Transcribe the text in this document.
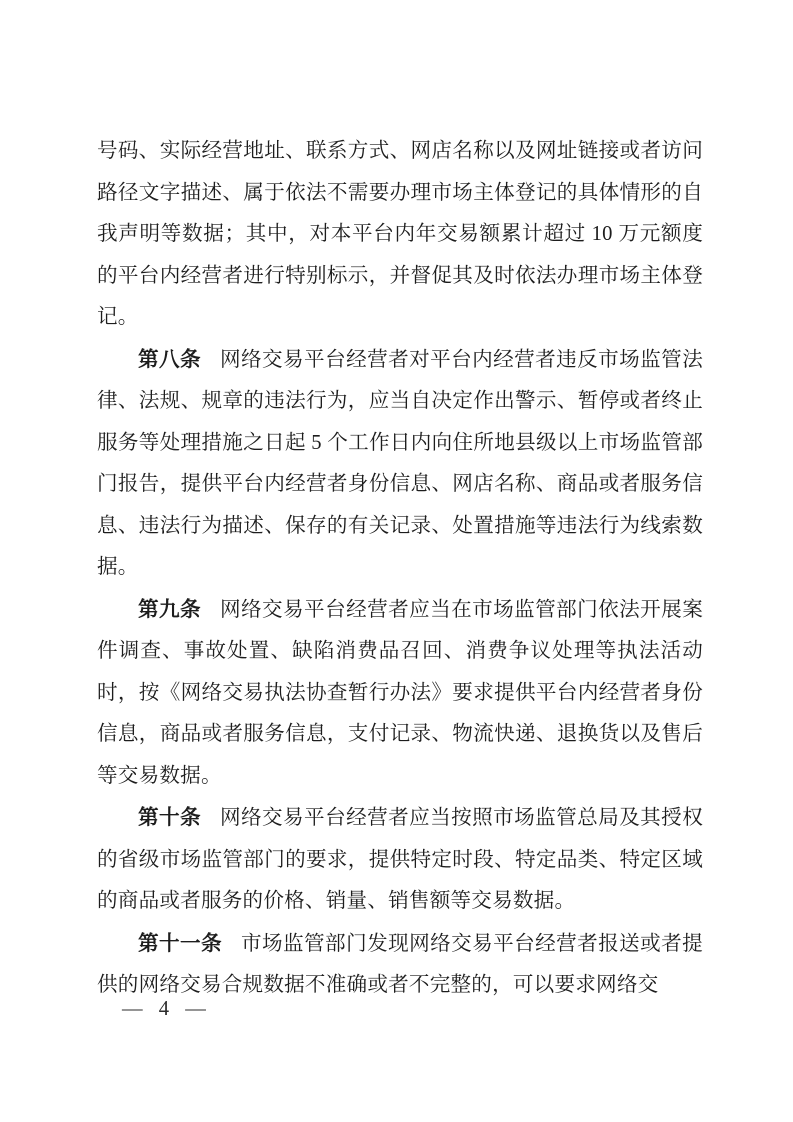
号码、实际经营地址、联系方式、网店名称以及网址链接或者访问路径文字描述、属于依法不需要办理市场主体登记的具体情形的自我声明等数据；其中，对本平台内年交易额累计超过 10 万元额度的平台内经营者进行特别标示，并督促其及时依法办理市场主体登记。

第八条 网络交易平台经营者对平台内经营者违反市场监管法律、法规、规章的违法行为，应当自决定作出警示、暂停或者终止服务等处理措施之日起 5 个工作日内向住所地县级以上市场监管部门报告，提供平台内经营者身份信息、网店名称、商品或者服务信息、违法行为描述、保存的有关记录、处置措施等违法行为线索数据。

第九条 网络交易平台经营者应当在市场监管部门依法开展案件调查、事故处置、缺陷消费品召回、消费争议处理等执法活动时，按《网络交易执法协查暂行办法》要求提供平台内经营者身份信息，商品或者服务信息，支付记录、物流快递、退换货以及售后等交易数据。

第十条 网络交易平台经营者应当按照市场监管总局及其授权的省级市场监管部门的要求，提供特定时段、特定品类、特定区域的商品或者服务的价格、销量、销售额等交易数据。

第十一条 市场监管部门发现网络交易平台经营者报送或者提供的网络交易合规数据不准确或者不完整的，可以要求网络交

— 4 —
